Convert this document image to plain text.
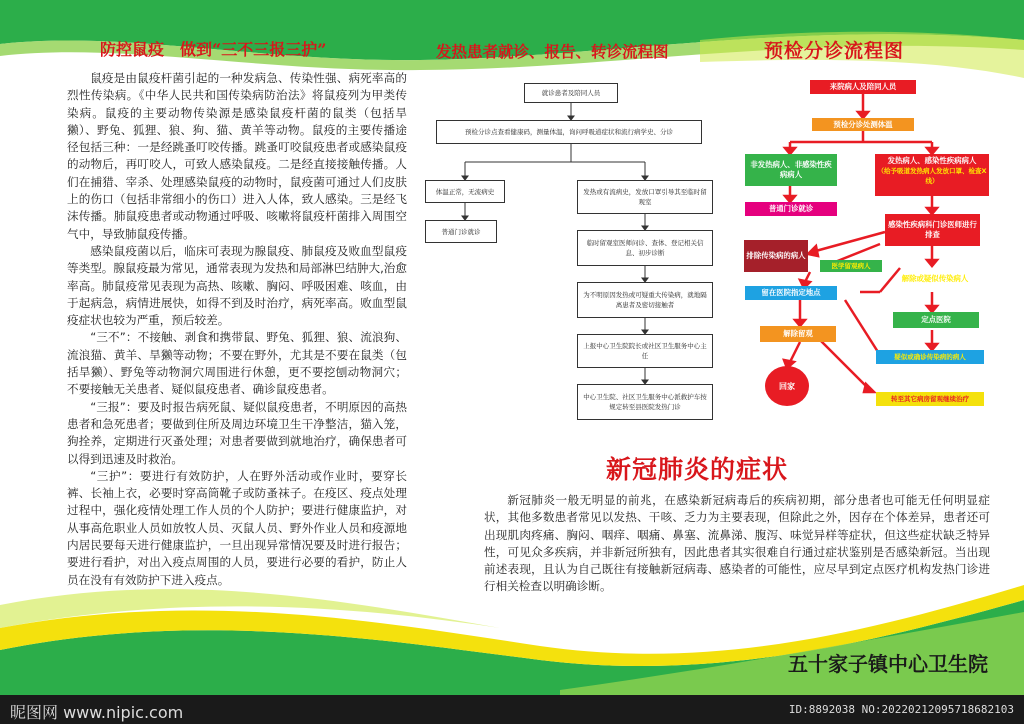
防控鼠疫　做到“三不三报三护”

鼠疫是由鼠疫杆菌引起的一种发病急、传染性强、病死率高的烈性传染病。《中华人民共和国传染病防治法》将鼠疫列为甲类传染病。鼠疫的主要动物传染源是感染鼠疫杆菌的鼠类（包括旱獭）、野兔、狐狸、狼、狗、猫、黄羊等动物。鼠疫的主要传播途径包括三种：一是经跳蚤叮咬传播。跳蚤叮咬鼠疫患者或感染鼠疫的动物后，再叮咬人，可致人感染鼠疫。二是经直接接触传播。人们在捕猎、宰杀、处理感染鼠疫的动物时，鼠疫菌可通过人们皮肤上的伤口（包括非常细小的伤口）进入人体，致人感染。三是经飞沫传播。肺鼠疫患者或动物通过呼吸、咳嗽将鼠疫杆菌排入周围空气中，导致肺鼠疫传播。

感染鼠疫菌以后，临床可表现为腺鼠疫、肺鼠疫及败血型鼠疫等类型。腺鼠疫最为常见，通常表现为发热和局部淋巴结肿大,治愈率高。肺鼠疫常见表现为高热、咳嗽、胸闷、呼吸困难、咳血，由于起病急，病情进展快，如得不到及时治疗，病死率高。败血型鼠疫症状也较为严重，预后较差。

“三不”：不接触、剥食和携带鼠、野兔、狐狸、狼、流浪狗、流浪猫、黄羊、旱獭等动物；不要在野外，尤其是不要在鼠类（包括旱獭）、野兔等动物洞穴周围进行休憩，更不要挖刨动物洞穴；不要接触无关患者、疑似鼠疫患者、确诊鼠疫患者。

“三报”：要及时报告病死鼠、疑似鼠疫患者，不明原因的高热患者和急死患者；要做到住所及周边环境卫生干净整洁，猫入笼，狗拴养，定期进行灭蚤处理；对患者要做到就地治疗，确保患者可以得到迅速及时救治。

“三护”：要进行有效防护，人在野外活动或作业时，要穿长裤、长袖上衣，必要时穿高筒靴子或防蚤袜子。在疫区、疫点处理过程中，强化疫情处理工作人员的个人防护；要进行健康监护，对从事高危职业人员如放牧人员、灭鼠人员、野外作业人员和疫源地内居民要每天进行健康监护，一旦出现异常情况要及时进行报告；要进行看护，对出入疫点周围的人员，要进行必要的看护，防止人员在没有有效防护下进入疫点。

发热患者就诊、报告、转诊流程图
就诊患者及陪同人员
预检分诊点查看健康码，测量体温，询问呼吸道症状和流行病学史、分诊
体温正常，无流病史
普通门诊就诊
发热或有流病史，发放口罩引导其至临时留观室
临时留观室医师问诊、查体、登记相关信息、初步诊断
为不明原因发热或可疑重大传染病，就地隔离患者及密切接触者
上报中心卫生院院长或社区卫生服务中心主任
中心卫生院、社区卫生服务中心派救护车按规定转至县医院发热门诊
预检分诊流程图
来院病人及陪同人员
预检分诊处测体温
非发热病人、非感染性疾病病人
发热病人、感染性疾病病人
（给予吸道发热病人发放口罩、检查X线）
普通门诊就诊
感染性疾病科门诊医师进行排查
排除传染病的病人
医学留观病人
解除或疑似传染病人
留在医院指定地点
定点医院
解除留观
疑似或确诊传染病的病人
回家
转至其它病房留观继续治疗
新冠肺炎的症状

新冠肺炎一般无明显的前兆，在感染新冠病毒后的疾病初期，部分患者也可能无任何明显症状，其他多数患者常见以发热、干咳、乏力为主要表现，但除此之外，因存在个体差异，患者还可出现肌肉疼痛、胸闷、咽痒、咽痛、鼻塞、流鼻涕、腹泻、味觉异样等症状，但这些症状缺乏特异性，可见众多疾病，并非新冠所独有，因此患者其实很难自行通过症状鉴别是否感染新冠。当出现前述表现，且认为自己既往有接触新冠病毒、感染者的可能性，应尽早到定点医疗机构发热门诊进行相关检查以明确诊断。

五十家子镇中心卫生院
昵图网 www.nipic.com	ID:8892038 NO:20220212095718682103
